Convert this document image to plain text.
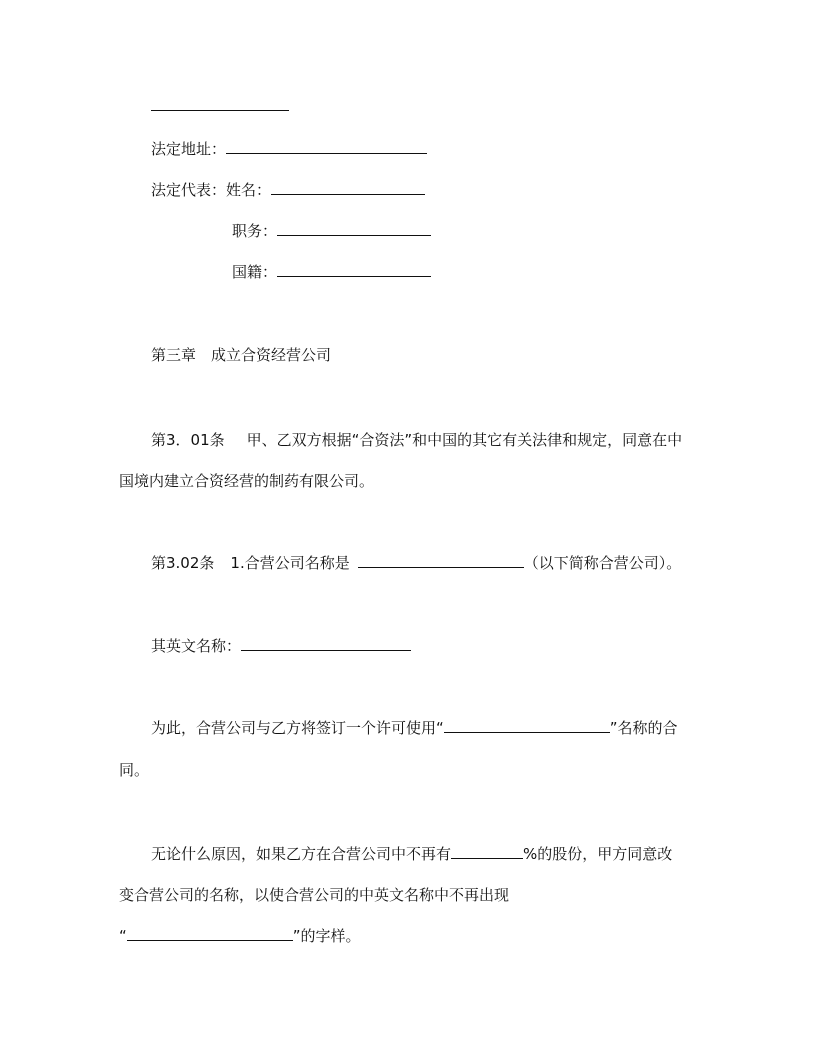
法定地址：
法定代表：姓名：
职务：
国籍：
第三章　成立合资经营公司
第3．01条 甲、乙双方根据“合资法”和中国的其它有关法律和规定，同意在中
国境内建立合资经营的制药有限公司。
第3.02条 1.合营公司名称是	（以下简称合营公司）。
其英文名称：
为此，合营公司与乙方将签订一个许可使用“	”名称的合
同。
无论什么原因，如果乙方在合营公司中不再有	%的股份，甲方同意改
变合营公司的名称，以使合营公司的中英文名称中不再出现
“	”的字样。
